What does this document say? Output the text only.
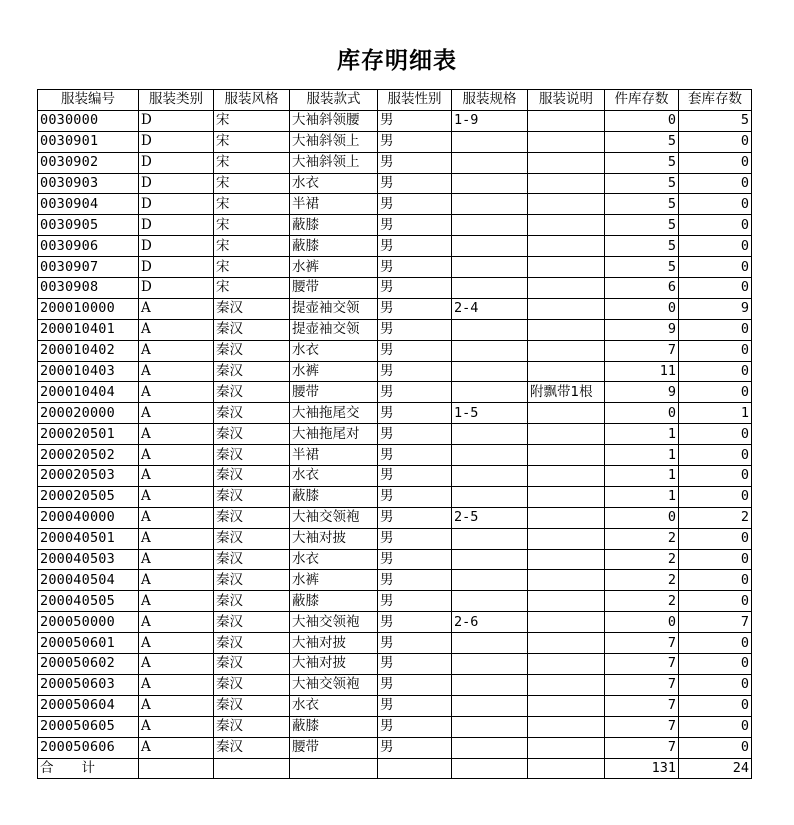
库存明细表
服装编号	服装类别	服装风格	服装款式	服装性别	服装规格	服装说明	件库存数	套库存数
0030000	D	宋	大袖斜领腰	男	1-9		0	5
0030901	D	宋	大袖斜领上	男			5	0
0030902	D	宋	大袖斜领上	男			5	0
0030903	D	宋	水衣	男			5	0
0030904	D	宋	半裙	男			5	0
0030905	D	宋	蔽膝	男			5	0
0030906	D	宋	蔽膝	男			5	0
0030907	D	宋	水裤	男			5	0
0030908	D	宋	腰带	男			6	0
200010000	A	秦汉	提壶袖交领	男	2-4		0	9
200010401	A	秦汉	提壶袖交领	男			9	0
200010402	A	秦汉	水衣	男			7	0
200010403	A	秦汉	水裤	男			11	0
200010404	A	秦汉	腰带	男		附飘带1根	9	0
200020000	A	秦汉	大袖拖尾交	男	1-5		0	1
200020501	A	秦汉	大袖拖尾对	男			1	0
200020502	A	秦汉	半裙	男			1	0
200020503	A	秦汉	水衣	男			1	0
200020505	A	秦汉	蔽膝	男			1	0
200040000	A	秦汉	大袖交领袍	男	2-5		0	2
200040501	A	秦汉	大袖对披	男			2	0
200040503	A	秦汉	水衣	男			2	0
200040504	A	秦汉	水裤	男			2	0
200040505	A	秦汉	蔽膝	男			2	0
200050000	A	秦汉	大袖交领袍	男	2-6		0	7
200050601	A	秦汉	大袖对披	男			7	0
200050602	A	秦汉	大袖对披	男			7	0
200050603	A	秦汉	大袖交领袍	男			7	0
200050604	A	秦汉	水衣	男			7	0
200050605	A	秦汉	蔽膝	男			7	0
200050606	A	秦汉	腰带	男			7	0
合 计							131	24
